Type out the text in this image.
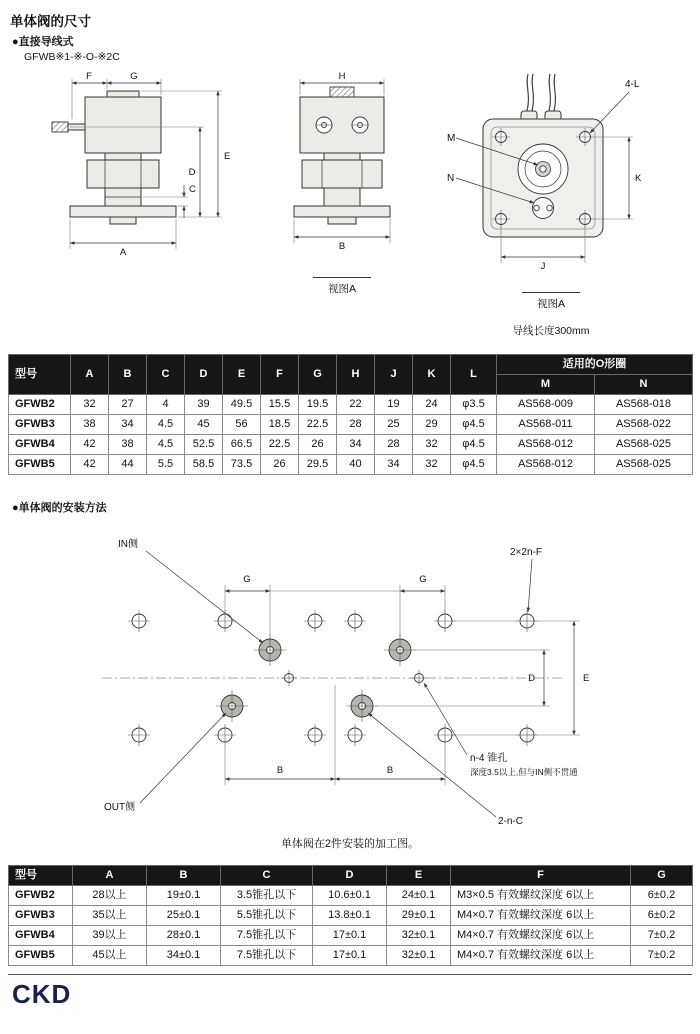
单体阀的尺寸
●直接导线式
GFWB※1-※-O-※2C
F	G
A
E
D
C
H
B
视图A
M
N
4-L
K
J
视图A
导线长度300mm
型号	A	B	C	D	E	F	G	H	J	K	L	适用的O形圈	
												M	N
GFWB2	32	27	4	39	49.5	15.5	19.5	22	19	24	φ3.5	AS568-009	AS568-018
GFWB3	38	34	4.5	45	56	18.5	22.5	28	25	29	φ4.5	AS568-011	AS568-022
GFWB4	42	38	4.5	52.5	66.5	22.5	26	34	28	32	φ4.5	AS568-012	AS568-025
GFWB5	42	44	5.5	58.5	73.5	26	29.5	40	34	32	φ4.5	AS568-012	AS568-025
●单体阀的安装方法
G	G
D	E
B	B
IN侧
OUT侧
2×2n-F
n-4 锥孔
深度3.5以上,但与IN侧不贯通
2-n-C
单体阀在2件安装的加工图。
型号	A	B	C	D	E	F	G
GFWB2	28以上	19±0.1	3.5锥孔以下	10.6±0.1	24±0.1	M3×0.5 有效螺纹深度 6以上	6±0.2
GFWB3	35以上	25±0.1	5.5锥孔以下	13.8±0.1	29±0.1	M4×0.7 有效螺纹深度 6以上	6±0.2
GFWB4	39以上	28±0.1	7.5锥孔以下	17±0.1	32±0.1	M4×0.7 有效螺纹深度 6以上	7±0.2
GFWB5	45以上	34±0.1	7.5锥孔以下	17±0.1	32±0.1	M4×0.7 有效螺纹深度 6以上	7±0.2
CKD
